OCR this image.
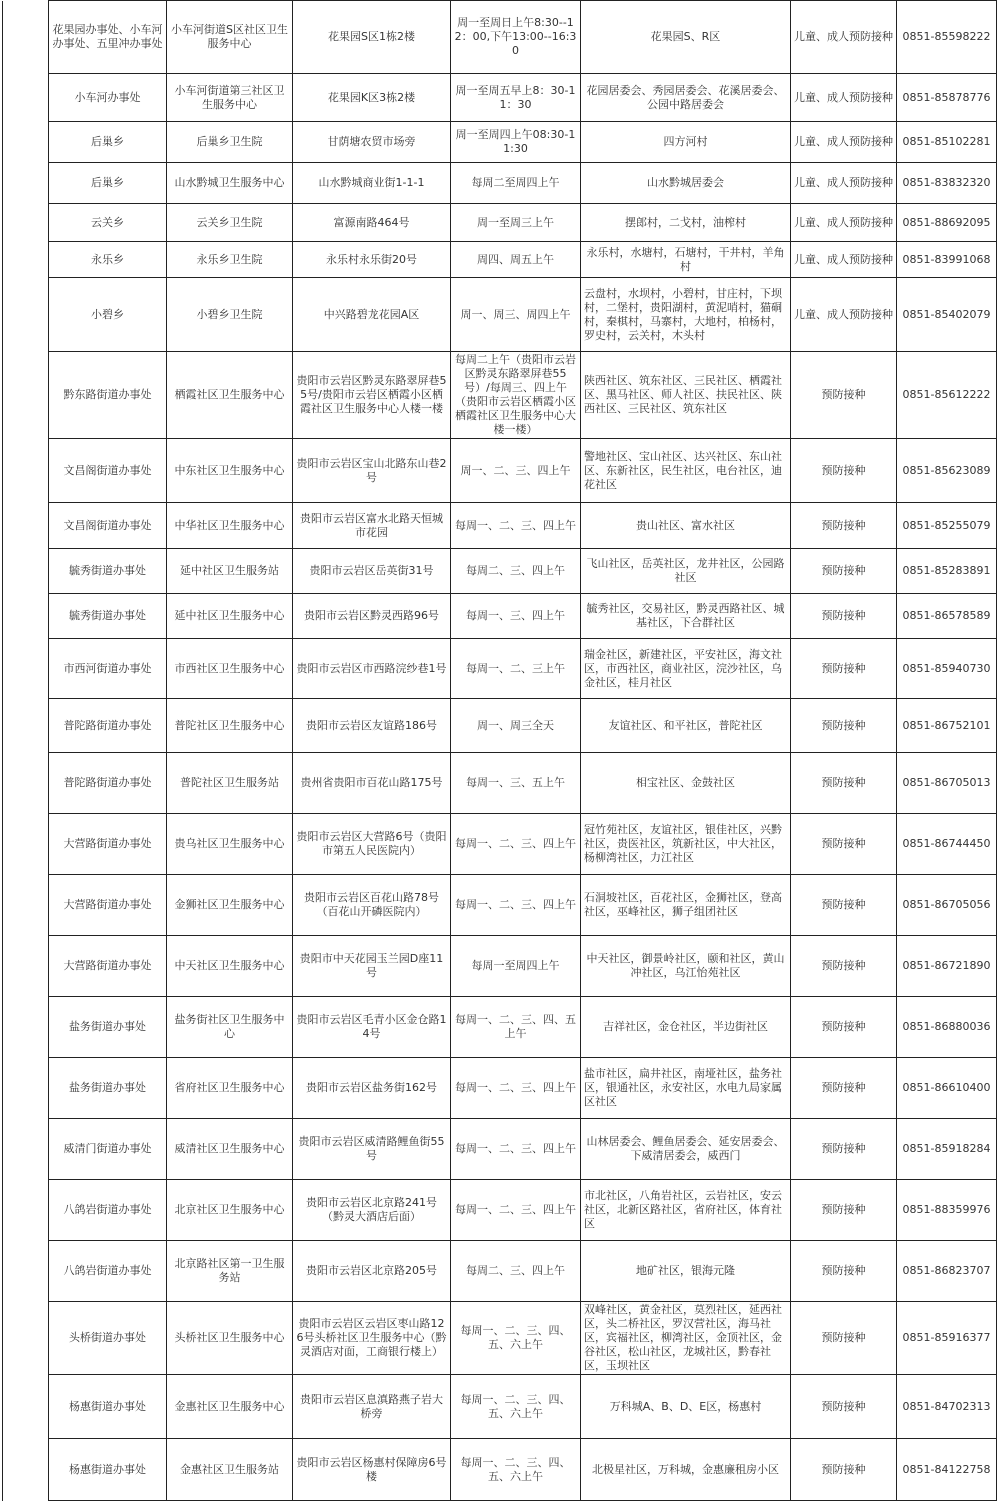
	花果园办事处、小车河办事处、五里冲办事处	小车河街道S区社区卫生服务中心	花果园S区1栋2楼	周一至周日上午8:30--12：00,下午13:00--16:30	花果园S、R区	儿童、成人预防接种	0851-85598222
	小车河办事处	小车河街道第三社区卫生服务中心	花果园K区3栋2楼	周一至周五早上8：30-11：30	花园居委会、秀园居委会、花溪居委会、公园中路居委会	儿童、成人预防接种	0851-85878776
	后巢乡	后巢乡卫生院	甘荫塘农贸市场旁	周一至周四上午08:30-11:30	四方河村	儿童、成人预防接种	0851-85102281
	后巢乡	山水黔城卫生服务中心	山水黔城商业街1-1-1	每周二至周四上午	山水黔城居委会	儿童、成人预防接种	0851-83832320
	云关乡	云关乡卫生院	富源南路464号	周一至周三上午	摆郎村，二戈村，油榨村	儿童、成人预防接种	0851-88692095
	永乐乡	永乐乡卫生院	永乐村永乐街20号	周四、周五上午	永乐村，水塘村，石塘村，干井村，羊角村	儿童、成人预防接种	0851-83991068
	小碧乡	小碧乡卫生院	中兴路碧龙花园A区	周一、周三、周四上午	云盘村，水坝村，小碧村，甘庄村，下坝村，二堡村，贵阳湖村，黄泥哨村，猫硐村，秦棋村，马寨村，大地村，柏杨村，罗史村，云关村，木头村	儿童、成人预防接种	0851-85402079
	黔东路街道办事处	栖霞社区卫生服务中心	贵阳市云岩区黔灵东路翠屏巷55号/贵阳市云岩区栖霞小区栖霞社区卫生服务中心人楼一楼	每周二上午（贵阳市云岩区黔灵东路翠屏巷55号）/每周三、四上午（贵阳市云岩区栖霞小区栖霞社区卫生服务中心大楼一楼）	陕西社区、筑东社区、三民社区、栖霞社区、黑马社区、师人社区、扶民社区、陕西社区、三民社区、筑东社区	预防接种	0851-85612222
	文昌阁街道办事处	中东社区卫生服务中心	贵阳市云岩区宝山北路东山巷2号	周一、二、三、四上午	警地社区、宝山社区、达兴社区、东山社区、东新社区，民生社区，电台社区，迪花社区	预防接种	0851-85623089
	文昌阁街道办事处	中华社区卫生服务中心	贵阳市云岩区富水北路天恒城市花园	每周一、二、三、四上午	贵山社区、富水社区	预防接种	0851-85255079
	毓秀街道办事处	延中社区卫生服务站	贵阳市云岩区岳英街31号	每周二、三、四上午	飞山社区，岳英社区，龙井社区，公园路社区	预防接种	0851-85283891
	毓秀街道办事处	延中社区卫生服务中心	贵阳市云岩区黔灵西路96号	每周一、三、四上午	毓秀社区，交易社区，黔灵西路社区、城基社区，下合群社区	预防接种	0851-86578589
	市西河街道办事处	市西社区卫生服务中心	贵阳市云岩区市西路浣纱巷1号	每周一、二、三上午	瑞金社区，新建社区，平安社区，海文社区，市西社区，商业社区，浣沙社区，乌金社区，桂月社区	预防接种	0851-85940730
	普陀路街道办事处	普陀社区卫生服务中心	贵阳市云岩区友谊路186号	周一、周三全天	友谊社区、和平社区，普陀社区	预防接种	0851-86752101
	普陀路街道办事处	普陀社区卫生服务站	贵州省贵阳市百花山路175号	每周一、三、五上午	相宝社区、金鼓社区	预防接种	0851-86705013
	大营路街道办事处	贵乌社区卫生服务中心	贵阳市云岩区大营路6号（贵阳市第五人民医院内）	每周一、二、三、四上午	冠竹苑社区，友谊社区，银佳社区，兴黔社区，贵医社区，筑新社区，中大社区，杨柳湾社区，力江社区	预防接种	0851-86744450
	大营路街道办事处	金狮社区卫生服务中心	贵阳市云岩区百花山路78号（百花山开磷医院内）	每周一、二、三、四上午	石洞坡社区，百花社区，金狮社区，登高社区，巫峰社区，狮子组团社区	预防接种	0851-86705056
	大营路街道办事处	中天社区卫生服务中心	贵阳市中天花园玉兰园D座11号	每周一至周四上午	中天社区，御景岭社区，颐和社区，黄山冲社区，乌江怡苑社区	预防接种	0851-86721890
	盐务街道办事处	盐务街社区卫生服务中心	贵阳市云岩区毛青小区金仓路14号	每周一、二、三、四、五上午	吉祥社区，金仓社区，半边街社区	预防接种	0851-86880036
	盐务街道办事处	省府社区卫生服务中心	贵阳市云岩区盐务街162号	每周一、二、三、四上午	盐市社区，扁井社区，南垭社区，盐务社区，银通社区，永安社区，水电九局家属区社区	预防接种	0851-86610400
	威清门街道办事处	威清社区卫生服务中心	贵阳市云岩区威清路鲤鱼街55号	每周一、二、三、四上午	山林居委会、鲤鱼居委会、延安居委会、下威清居委会，威西门	预防接种	0851-85918284
	八鸽岩街道办事处	北京社区卫生服务中心	贵阳市云岩区北京路241号（黔灵大酒店后面）	每周一、二、三、四上午	市北社区，八角岩社区，云岩社区，安云社区，北新区路社区，省府社区，体育社区	预防接种	0851-88359976
	八鸽岩街道办事处	北京路社区第一卫生服务站	贵阳市云岩区北京路205号	每周二、三、四上午	地矿社区，银海元隆	预防接种	0851-86823707
	头桥街道办事处	头桥社区卫生服务中心	贵阳市云岩区云岩区枣山路126号头桥社区卫生服务中心（黔灵酒店对面，工商银行楼上）	每周一、二、三、四、五、六上午	双峰社区，黄金社区，莫烈社区，延西社区，头二桥社区，罗汉营社区，海马社区，宾福社区，柳湾社区，金顶社区，金谷社区，松山社区，龙城社区，黔春社区，玉坝社区	预防接种	0851-85916377
	杨惠街道办事处	金惠社区卫生服务中心	贵阳市云岩区息滇路燕子岩大桥旁	每周一、二、三、四、五、六上午	万科城A、B、D、E区，杨惠村	预防接种	0851-84702313
	杨惠街道办事处	金惠社区卫生服务站	贵阳市云岩区杨惠村保障房6号楼	每周一、二、三、四、五、六上午	北极星社区，万科城，金惠廉租房小区	预防接种	0851-84122758
